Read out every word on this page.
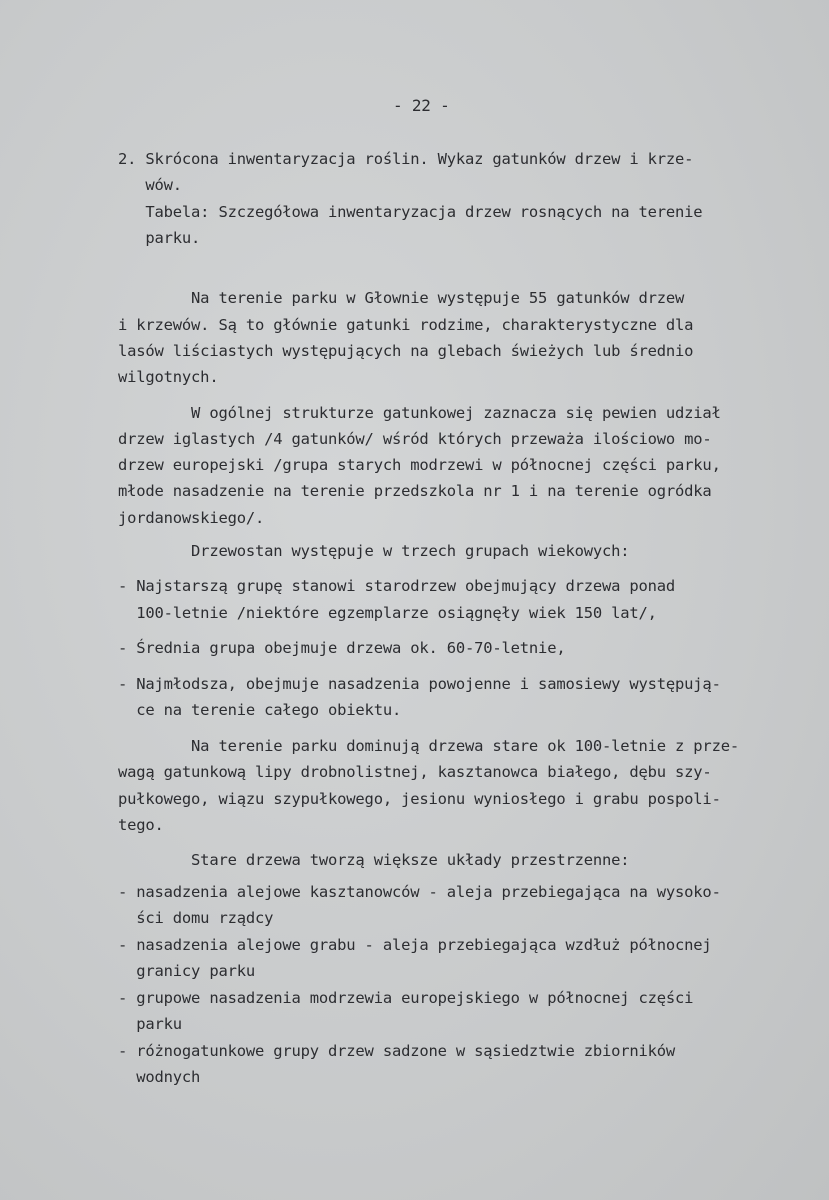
- 22 -
2. Skrócona inwentaryzacja roślin. Wykaz gatunków drzew i krze-
wów.
Tabela: Szczegółowa inwentaryzacja drzew rosnących na terenie
parku.
Na terenie parku w Głownie występuje 55 gatunków drzew
i krzewów. Są to głównie gatunki rodzime, charakterystyczne dla
lasów liściastych występujących na glebach świeżych lub średnio
wilgotnych.
W ogólnej strukturze gatunkowej zaznacza się pewien udział
drzew iglastych /4 gatunków/ wśród których przeważa ilościowo mo-
drzew europejski /grupa starych modrzewi w północnej części parku,
młode nasadzenie na terenie przedszkola nr 1 i na terenie ogródka
jordanowskiego/.
Drzewostan występuje w trzech grupach wiekowych:
- Najstarszą grupę stanowi starodrzew obejmujący drzewa ponad
100-letnie /niektóre egzemplarze osiągnęły wiek 150 lat/,
- Średnia grupa obejmuje drzewa ok. 60-70-letnie,
- Najmłodsza, obejmuje nasadzenia powojenne i samosiewy występują-
ce na terenie całego obiektu.
Na terenie parku dominują drzewa stare ok 100-letnie z prze-
wagą gatunkową lipy drobnolistnej, kasztanowca białego, dębu szy-
pułkowego, wiązu szypułkowego, jesionu wyniosłego i grabu pospoli-
tego.
Stare drzewa tworzą większe układy przestrzenne:
- nasadzenia alejowe kasztanowców - aleja przebiegająca na wysoko-
ści domu rządcy
- nasadzenia alejowe grabu - aleja przebiegająca wzdłuż północnej
granicy parku
- grupowe nasadzenia modrzewia europejskiego w północnej części
parku
- różnogatunkowe grupy drzew sadzone w sąsiedztwie zbiorników
wodnych
